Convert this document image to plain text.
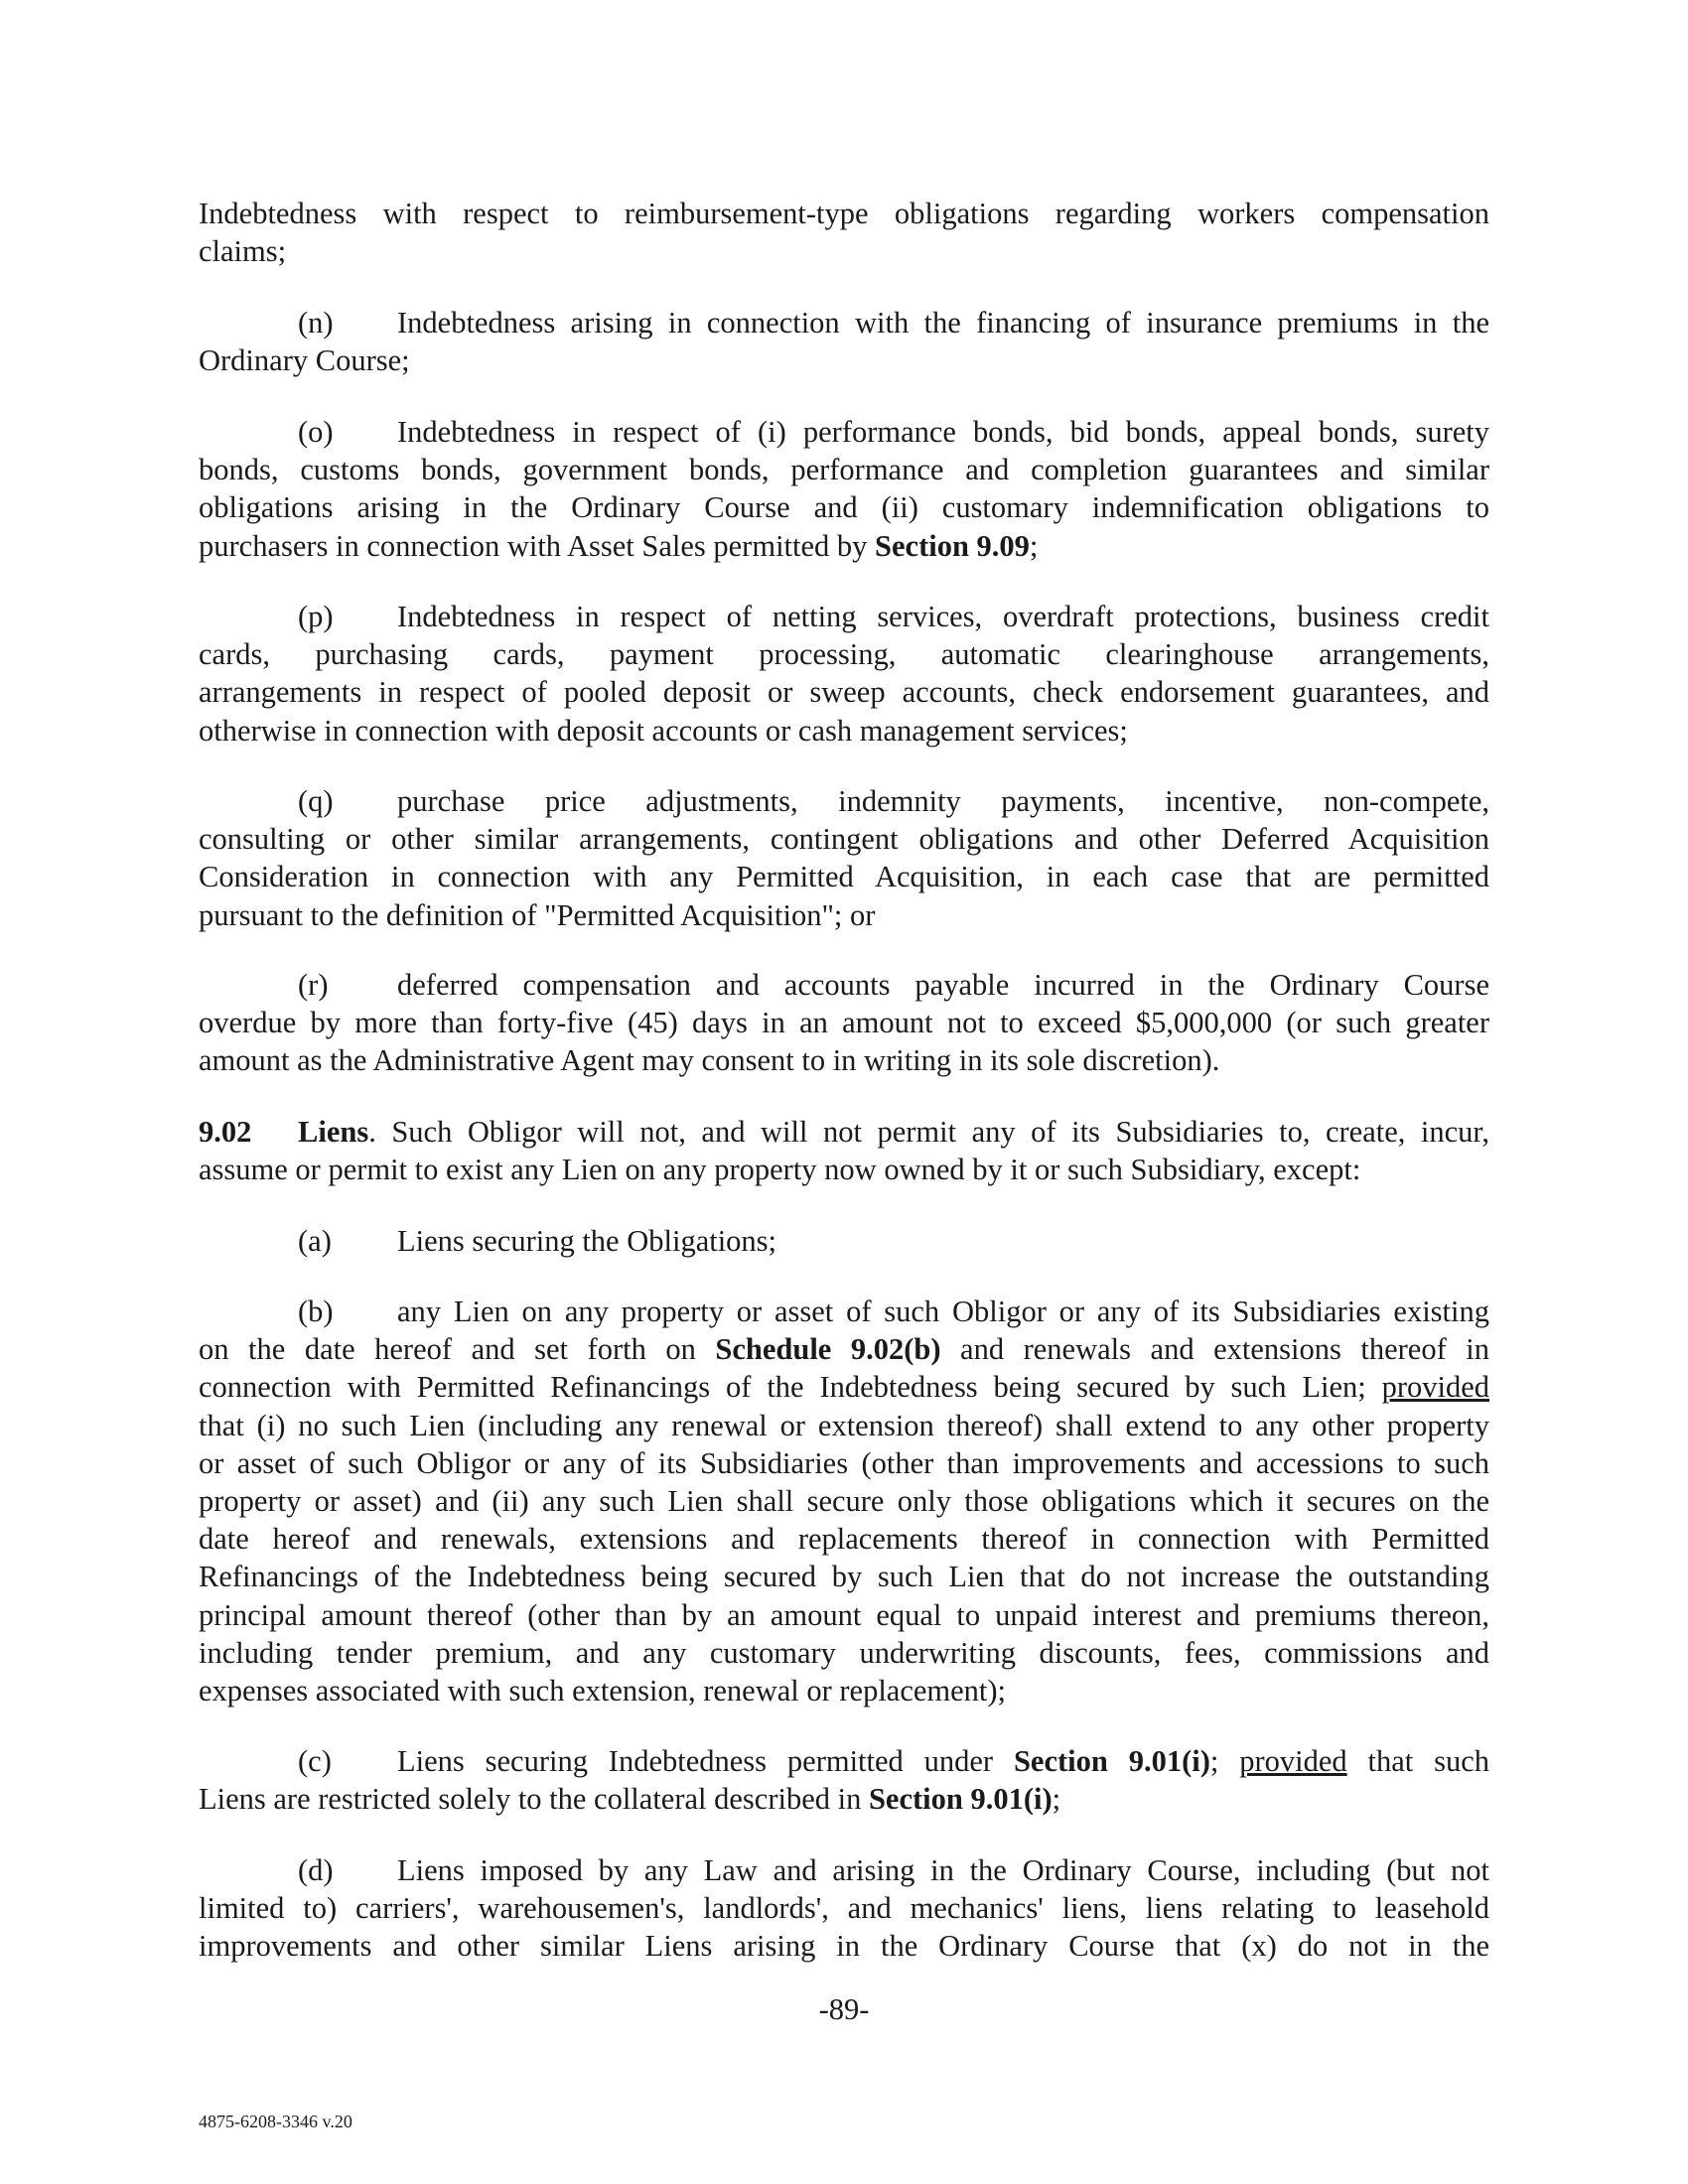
Indebtedness with respect to reimbursement-type obligations regarding workers compensation
claims;
(n) Indebtedness arising in connection with the financing of insurance premiums in the
Ordinary Course;
(o) Indebtedness in respect of (i) performance bonds, bid bonds, appeal bonds, surety
bonds, customs bonds, government bonds, performance and completion guarantees and similar
obligations arising in the Ordinary Course and (ii) customary indemnification obligations to
purchasers in connection with Asset Sales permitted by Section 9.09;
(p) Indebtedness in respect of netting services, overdraft protections, business credit
cards, purchasing cards, payment processing, automatic clearinghouse arrangements,
arrangements in respect of pooled deposit or sweep accounts, check endorsement guarantees, and
otherwise in connection with deposit accounts or cash management services;
(q) purchase price adjustments, indemnity payments, incentive, non-compete,
consulting or other similar arrangements, contingent obligations and other Deferred Acquisition
Consideration in connection with any Permitted Acquisition, in each case that are permitted
pursuant to the definition of "Permitted Acquisition"; or
(r) deferred compensation and accounts payable incurred in the Ordinary Course
overdue by more than forty-five (45) days in an amount not to exceed $5,000,000 (or such greater
amount as the Administrative Agent may consent to in writing in its sole discretion).
9.02 Liens. Such Obligor will not, and will not permit any of its Subsidiaries to, create, incur,
assume or permit to exist any Lien on any property now owned by it or such Subsidiary, except:
(a) Liens securing the Obligations;
(b) any Lien on any property or asset of such Obligor or any of its Subsidiaries existing
on the date hereof and set forth on Schedule 9.02(b) and renewals and extensions thereof in
connection with Permitted Refinancings of the Indebtedness being secured by such Lien; provided
that (i) no such Lien (including any renewal or extension thereof) shall extend to any other property
or asset of such Obligor or any of its Subsidiaries (other than improvements and accessions to such
property or asset) and (ii) any such Lien shall secure only those obligations which it secures on the
date hereof and renewals, extensions and replacements thereof in connection with Permitted
Refinancings of the Indebtedness being secured by such Lien that do not increase the outstanding
principal amount thereof (other than by an amount equal to unpaid interest and premiums thereon,
including tender premium, and any customary underwriting discounts, fees, commissions and
expenses associated with such extension, renewal or replacement);
(c) Liens securing Indebtedness permitted under Section 9.01(i); provided that such
Liens are restricted solely to the collateral described in Section 9.01(i);
(d) Liens imposed by any Law and arising in the Ordinary Course, including (but not
limited to) carriers', warehousemen's, landlords', and mechanics' liens, liens relating to leasehold
improvements and other similar Liens arising in the Ordinary Course that (x) do not in the
-89-
4875-6208-3346 v.20
